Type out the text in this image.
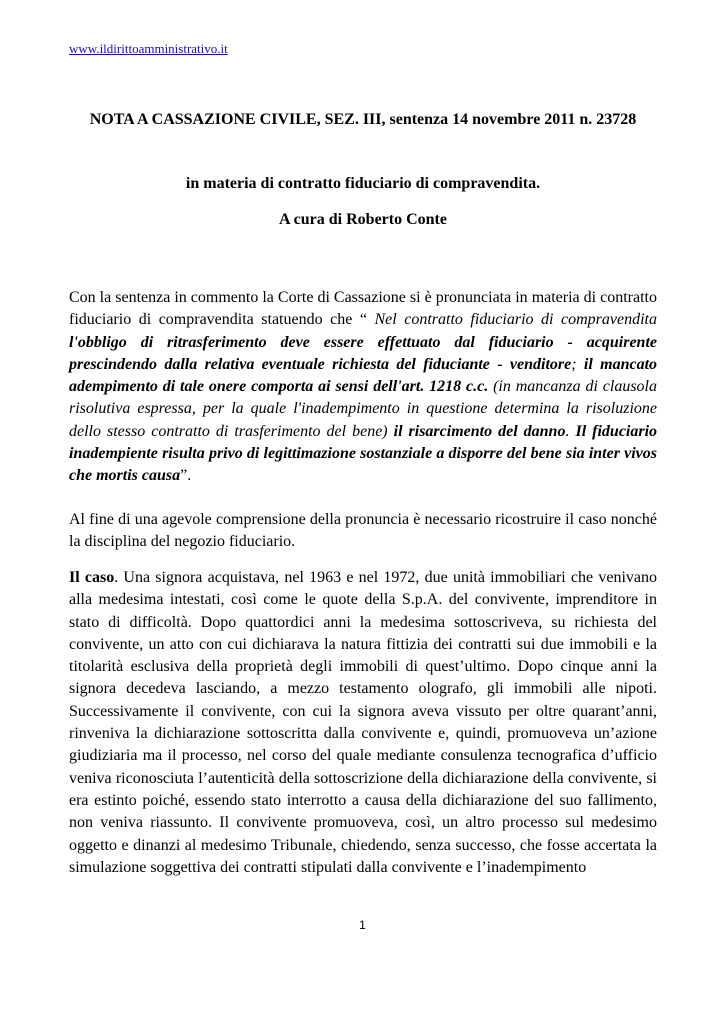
www.ildirittoamministrativo.it
NOTA A CASSAZIONE CIVILE, SEZ. III, sentenza 14 novembre 2011 n. 23728
in materia di contratto fiduciario di compravendita.
A cura di Roberto Conte
Con la sentenza in commento la Corte di Cassazione si è pronunciata in materia di contratto fiduciario di compravendita statuendo che “ Nel contratto fiduciario di compravendita l'obbligo di ritrasferimento deve essere effettuato dal fiduciario - acquirente prescindendo dalla relativa eventuale richiesta del fiduciante - venditore; il mancato adempimento di tale onere comporta ai sensi dell'art. 1218 c.c. (in mancanza di clausola risolutiva espressa, per la quale l'inadempimento in questione determina la risoluzione dello stesso contratto di trasferimento del bene) il risarcimento del danno. Il fiduciario inadempiente risulta privo di legittimazione sostanziale a disporre del bene sia inter vivos che mortis causa”.
Al fine di una agevole comprensione della pronuncia è necessario ricostruire il caso nonché la disciplina del negozio fiduciario.
Il caso. Una signora acquistava, nel 1963 e nel 1972, due unità immobiliari che venivano alla medesima intestati, così come le quote della S.p.A. del convivente, imprenditore in stato di difficoltà. Dopo quattordici anni la medesima sottoscriveva, su richiesta del convivente, un atto con cui dichiarava la natura fittizia dei contratti sui due immobili e la titolarità esclusiva della proprietà degli immobili di quest’ultimo. Dopo cinque anni la signora decedeva lasciando, a mezzo testamento olografo, gli immobili alle nipoti. Successivamente il convivente, con cui la signora aveva vissuto per oltre quarant’anni, rinveniva la dichiarazione sottoscritta dalla convivente e, quindi, promuoveva un’azione giudiziaria ma il processo, nel corso del quale mediante consulenza tecnografica d’ufficio veniva riconosciuta l’autenticità della sottoscrizione della dichiarazione della convivente, si era estinto poiché, essendo stato interrotto a causa della dichiarazione del suo fallimento, non veniva riassunto. Il convivente promuoveva, così, un altro processo sul medesimo oggetto e dinanzi al medesimo Tribunale, chiedendo, senza successo, che fosse accertata la simulazione soggettiva dei contratti stipulati dalla convivente e l’inadempimento
1
